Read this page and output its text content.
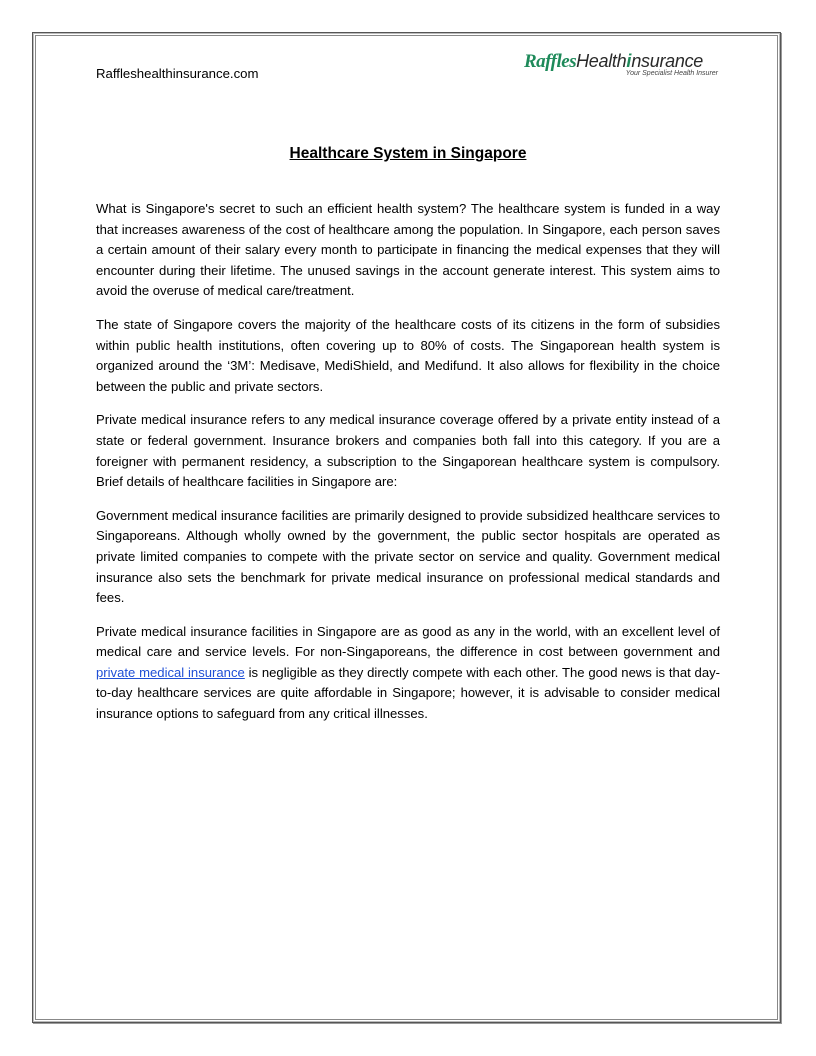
Raffleshealthinsurance.com
RafflesHealthinsurance
Your Specialist Health Insurer
Healthcare System in Singapore

What is Singapore's secret to such an efficient health system? The healthcare system is funded in a way that increases awareness of the cost of healthcare among the population. In Singapore, each person saves a certain amount of their salary every month to participate in financing the medical expenses that they will encounter during their lifetime. The unused savings in the account generate interest. This system aims to avoid the overuse of medical care/treatment.

The state of Singapore covers the majority of the healthcare costs of its citizens in the form of subsidies within public health institutions, often covering up to 80% of costs. The Singaporean health system is organized around the ‘3M’: Medisave, MediShield, and Medifund. It also allows for flexibility in the choice between the public and private sectors.

Private medical insurance refers to any medical insurance coverage offered by a private entity instead of a state or federal government. Insurance brokers and companies both fall into this category. If you are a foreigner with permanent residency, a subscription to the Singaporean healthcare system is compulsory. Brief details of healthcare facilities in Singapore are:

Government medical insurance facilities are primarily designed to provide subsidized healthcare services to Singaporeans. Although wholly owned by the government, the public sector hospitals are operated as private limited companies to compete with the private sector on service and quality. Government medical insurance also sets the benchmark for private medical insurance on professional medical standards and fees.

Private medical insurance facilities in Singapore are as good as any in the world, with an excellent level of medical care and service levels. For non-Singaporeans, the difference in cost between government and private medical insurance is negligible as they directly compete with each other. The good news is that day-to-day healthcare services are quite affordable in Singapore; however, it is advisable to consider medical insurance options to safeguard from any critical illnesses.
